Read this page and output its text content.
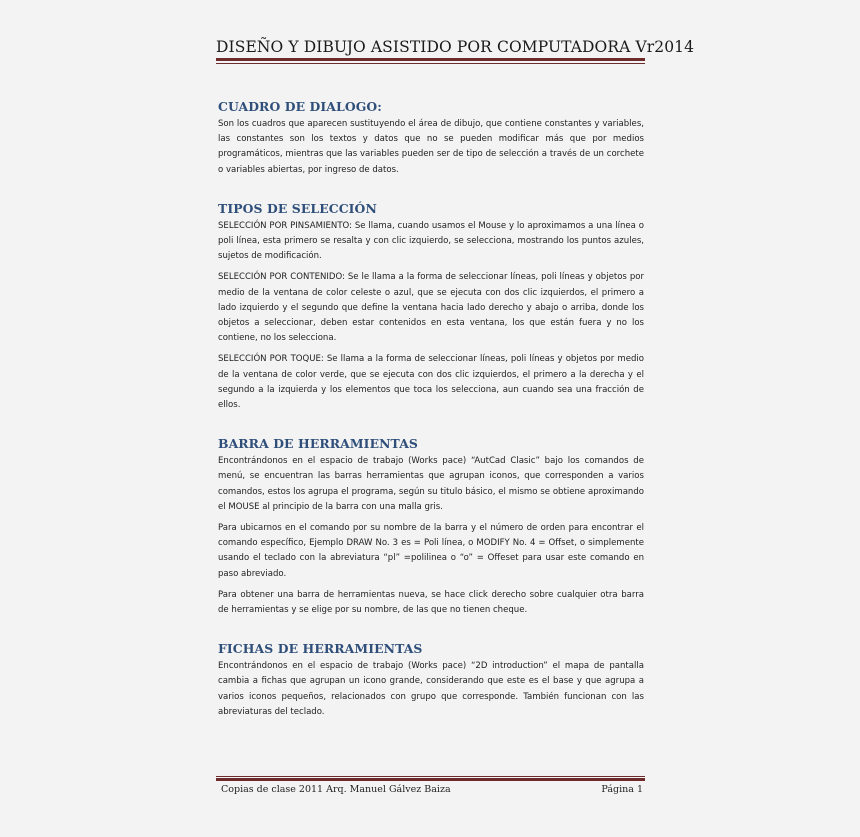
DISEÑO Y DIBUJO ASISTIDO POR COMPUTADORA Vr2014
CUADRO DE DIALOGO:

Son los cuadros que aparecen sustituyendo el área de dibujo, que contiene constantes y variables, las constantes son los textos y datos que no se pueden modificar más que por medios programáticos, mientras que las variables pueden ser de tipo de selección a través de un corchete o variables abiertas, por ingreso de datos.

TIPOS DE SELECCIÓN

SELECCIÓN POR PINSAMIENTO: Se llama, cuando usamos el Mouse y lo aproximamos a una línea o poli línea, esta primero se resalta y con clic izquierdo, se selecciona, mostrando los puntos azules, sujetos de modificación.

SELECCIÓN POR CONTENIDO: Se le llama a la forma de seleccionar líneas, poli líneas y objetos por medio de la ventana de color celeste o azul, que se ejecuta con dos clic izquierdos, el primero a lado izquierdo y el segundo que define la ventana hacia lado derecho y abajo o arriba, donde los objetos a seleccionar, deben estar contenidos en esta ventana, los que están fuera y no los contiene, no los selecciona.

SELECCIÓN POR TOQUE: Se llama a la forma de seleccionar líneas, poli líneas y objetos por medio de la ventana de color verde, que se ejecuta con dos clic izquierdos, el primero a la derecha y el segundo a la izquierda y los elementos que toca los selecciona, aun cuando sea una fracción de ellos.

BARRA DE HERRAMIENTAS

Encontrándonos en el espacio de trabajo (Works pace) “AutCad Clasic” bajo los comandos de menú, se encuentran las barras herramientas que agrupan iconos, que corresponden a varios comandos, estos los agrupa el programa, según su titulo básico, el mismo se obtiene aproximando el MOUSE al principio de la barra con una malla gris.

Para ubicarnos en el comando por su nombre de la barra y el número de orden para encontrar el comando específico, Ejemplo DRAW No. 3 es = Poli línea, o MODIFY No. 4 = Offset, o simplemente usando el teclado con la abreviatura “pl” =polilinea o “o” = Offeset para usar este comando en paso abreviado.

Para obtener una barra de herramientas nueva, se hace click derecho sobre cualquier otra barra de herramientas y se elige por su nombre, de las que no tienen cheque.

FICHAS DE HERRAMIENTAS

Encontrándonos en el espacio de trabajo (Works pace) “2D introduction” el mapa de pantalla cambia a fichas que agrupan un icono grande, considerando que este es el base y que agrupa a varios iconos pequeños, relacionados con grupo que corresponde. También funcionan con las abreviaturas del teclado.

Copias de clase 2011 Arq. Manuel Gálvez Baiza	Página 1
